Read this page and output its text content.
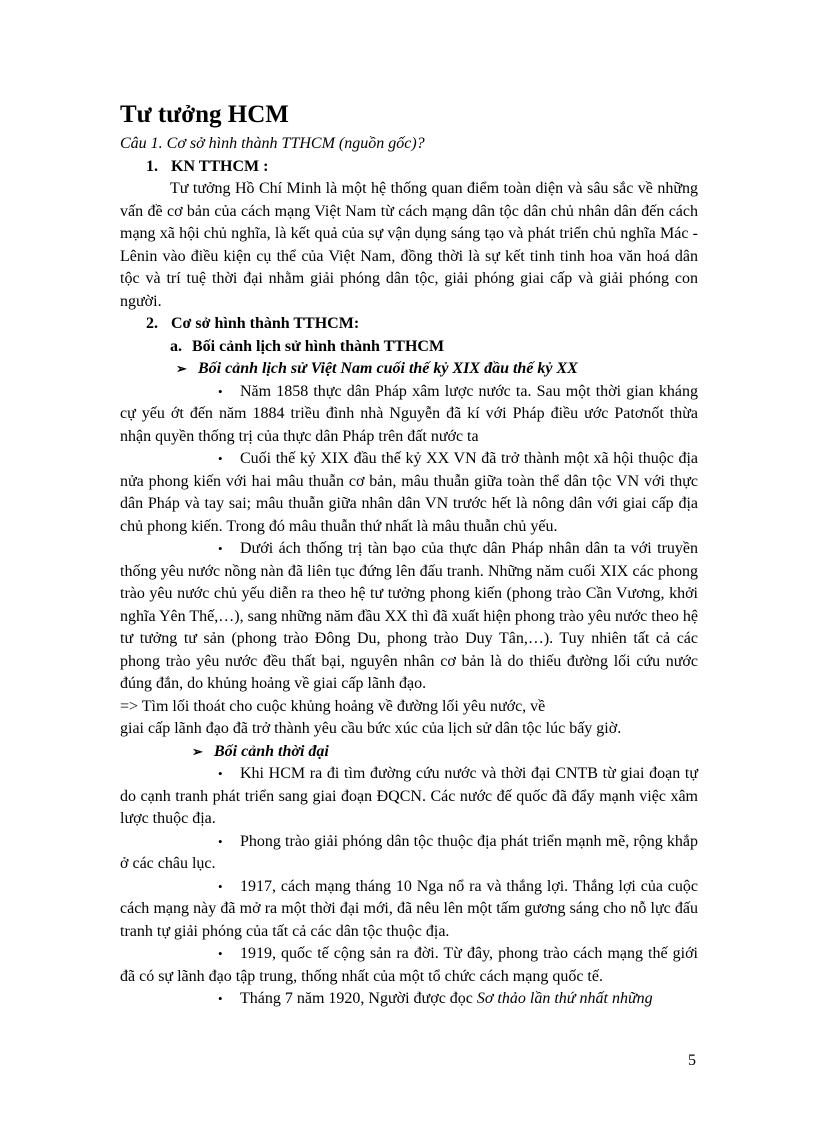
Tư tưởng HCM

Câu 1. Cơ sở hình thành TTHCM (nguồn gốc)?

1. KN TTHCM :

Tư tưởng Hồ Chí Minh là một hệ thống quan điểm toàn diện và sâu sắc về những vấn đề cơ bản của cách mạng Việt Nam từ cách mạng dân tộc dân chủ nhân dân đến cách mạng xã hội chủ nghĩa, là kết quả của sự vận dụng sáng tạo và phát triển chủ nghĩa Mác - Lênin vào điều kiện cụ thể của Việt Nam, đồng thời là sự kết tinh tinh hoa văn hoá dân tộc và trí tuệ thời đại nhằm giải phóng dân tộc, giải phóng giai cấp và giải phóng con người.

2. Cơ sở hình thành TTHCM:

a. Bối cảnh lịch sử hình thành TTHCM

➢ Bối cảnh lịch sử Việt Nam cuối thế kỷ XIX đầu thế kỷ XX

• Năm 1858 thực dân Pháp xâm lược nước ta. Sau một thời gian kháng cự yếu ớt đến năm 1884 triều đình nhà Nguyễn đã kí với Pháp điều ước Patơnốt thừa nhận quyền thống trị của thực dân Pháp trên đất nước ta

• Cuối thế kỷ XIX đầu thế kỷ XX VN đã trở thành một xã hội thuộc địa nửa phong kiến với hai mâu thuẫn cơ bản, mâu thuẫn giữa toàn thể dân tộc VN với thực dân Pháp và tay sai; mâu thuẫn giữa nhân dân VN trước hết là nông dân với giai cấp địa chủ phong kiến. Trong đó mâu thuẫn thứ nhất là mâu thuẫn chủ yếu.

• Dưới ách thống trị tàn bạo của thực dân Pháp nhân dân ta với truyền thống yêu nước nồng nàn đã liên tục đứng lên đấu tranh. Những năm cuối XIX các phong trào yêu nước chủ yếu diễn ra theo hệ tư tưởng phong kiến (phong trào Cần Vương, khởi nghĩa Yên Thế,…), sang những năm đầu XX thì đã xuất hiện phong trào yêu nước theo hệ tư tưởng tư sản (phong trào Đông Du, phong trào Duy Tân,…). Tuy nhiên tất cả các phong trào yêu nước đều thất bại, nguyên nhân cơ bản là do thiếu đường lối cứu nước đúng đắn, do khủng hoảng về giai cấp lãnh đạo.

=> Tìm lối thoát cho cuộc khủng hoảng về đường lối yêu nước, về

giai cấp lãnh đạo đã trở thành yêu cầu bức xúc của lịch sử dân tộc lúc bấy giờ.

➢ Bối cảnh thời đại

• Khi HCM ra đi tìm đường cứu nước và thời đại CNTB từ giai đoạn tự do cạnh tranh phát triển sang giai đoạn ĐQCN. Các nước đế quốc đã đẩy mạnh việc xâm lược thuộc địa.

• Phong trào giải phóng dân tộc thuộc địa phát triển mạnh mẽ, rộng khắp ở các châu lục.

• 1917, cách mạng tháng 10 Nga nổ ra và thắng lợi. Thắng lợi của cuộc cách mạng này đã mở ra một thời đại mới, đã nêu lên một tấm gương sáng cho nỗ lực đấu tranh tự giải phóng của tất cả các dân tộc thuộc địa.

• 1919, quốc tế cộng sản ra đời. Từ đây, phong trào cách mạng thế giới đã có sự lãnh đạo tập trung, thống nhất của một tổ chức cách mạng quốc tế.

• Tháng 7 năm 1920, Người được đọc Sơ thảo lần thứ nhất những

5
